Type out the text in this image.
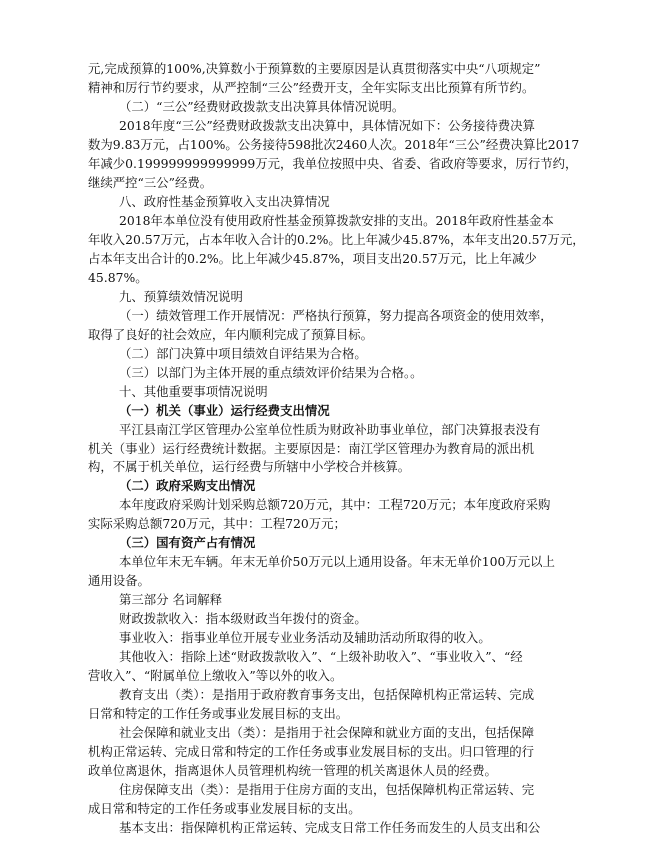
元,完成预算的100%,决算数小于预算数的主要原因是认真贯彻落实中央“八项规定”
精神和厉行节约要求，从严控制“三公”经费开支，全年实际支出比预算有所节约。
（二）“三公”经费财政拨款支出决算具体情况说明。
2018年度“三公”经费财政拨款支出决算中，具体情况如下：公务接待费决算
数为9.83万元，占100%。公务接待598批次2460人次。2018年“三公”经费决算比2017
年减少0.199999999999999万元，我单位按照中央、省委、省政府等要求，厉行节约，
继续严控“三公”经费。
八、政府性基金预算收入支出决算情况
2018年本单位没有使用政府性基金预算拨款安排的支出。2018年政府性基金本
年收入20.57万元，占本年收入合计的0.2%。比上年减少45.87%，本年支出20.57万元，
占本年支出合计的0.2%。比上年减少45.87%，项目支出20.57万元，比上年减少
45.87%。
九、预算绩效情况说明
（一）绩效管理工作开展情况：严格执行预算，努力提高各项资金的使用效率，
取得了良好的社会效应，年内顺利完成了预算目标。
（二）部门决算中项目绩效自评结果为合格。
（三）以部门为主体开展的重点绩效评价结果为合格。。
十、其他重要事项情况说明
（一）机关（事业）运行经费支出情况
平江县南江学区管理办公室单位性质为财政补助事业单位，部门决算报表没有
机关（事业）运行经费统计数据。主要原因是：南江学区管理办为教育局的派出机
构，不属于机关单位，运行经费与所辖中小学校合并核算。
（二）政府采购支出情况
本年度政府采购计划采购总额720万元，其中：工程720万元；本年度政府采购
实际采购总额720万元，其中：工程720万元；
（三）国有资产占有情况
本单位年末无车辆。年末无单价50万元以上通用设备。年末无单价100万元以上
通用设备。
第三部分 名词解释
财政拨款收入：指本级财政当年拨付的资金。
事业收入：指事业单位开展专业业务活动及辅助活动所取得的收入。
其他收入：指除上述“财政拨款收入”、“上级补助收入”、“事业收入”、“经
营收入”、“附属单位上缴收入”等以外的收入。
教育支出（类）：是指用于政府教育事务支出，包括保障机构正常运转、完成
日常和特定的工作任务或事业发展目标的支出。
社会保障和就业支出（类）：是指用于社会保障和就业方面的支出，包括保障
机构正常运转、完成日常和特定的工作任务或事业发展目标的支出。归口管理的行
政单位离退休，指离退休人员管理机构统一管理的机关离退休人员的经费。
住房保障支出（类）：是指用于住房方面的支出，包括保障机构正常运转、完
成日常和特定的工作任务或事业发展目标的支出。
基本支出：指保障机构正常运转、完成支日常工作任务而发生的人员支出和公
